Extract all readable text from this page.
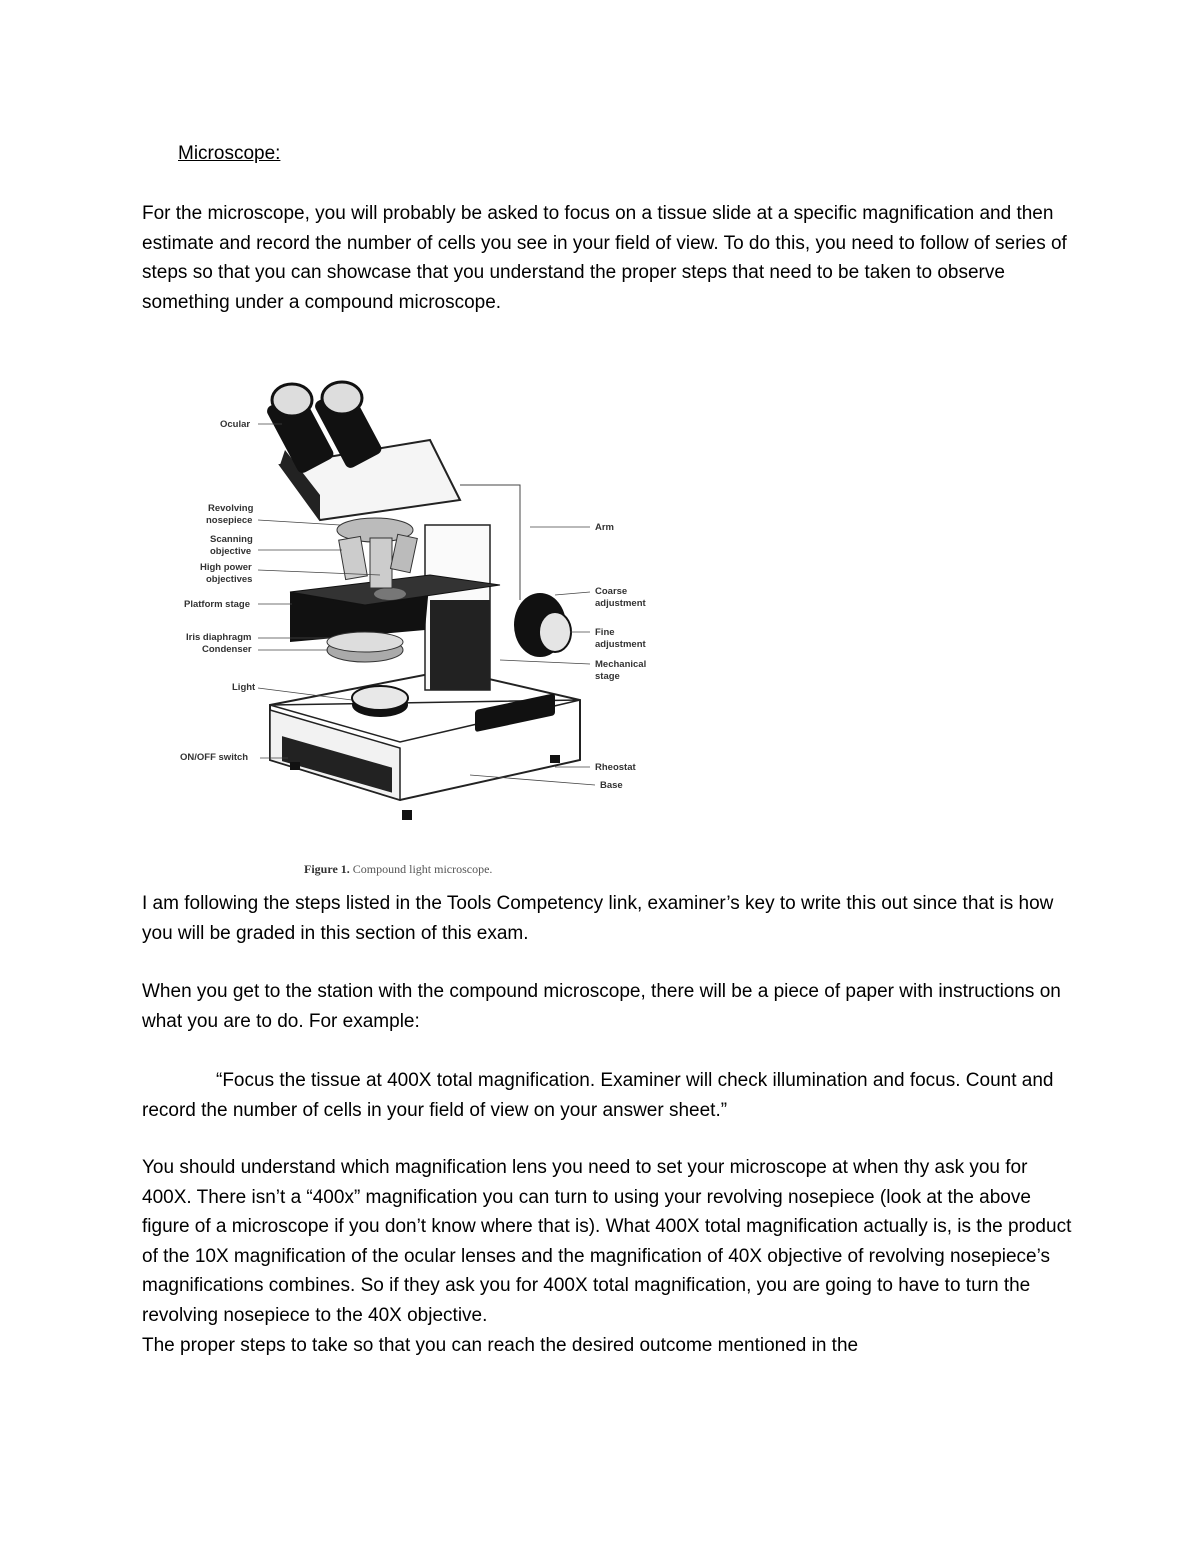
Microscope:

For the microscope, you will probably be asked to focus on a tissue slide at a specific magnification and then estimate and record the number of cells you see in your field of view. To do this, you need to follow of series of steps so that you can showcase that you understand the proper steps that need to be taken to observe something under a compound microscope.

Ocular
Revolving
nosepiece
Scanning
objective
High power
objectives
Platform stage
Iris diaphragm
Condenser
Light
ON/OFF switch
Arm
Coarse
adjustment
Fine
adjustment
Mechanical
stage
Rheostat
Base
Figure 1. Compound light microscope.

I am following the steps listed in the Tools Competency link, examiner’s key to write this out since that is how you will be graded in this section of this exam.

When you get to the station with the compound microscope, there will be a piece of paper with instructions on what you are to do. For example:

“Focus the tissue at 400X total magnification. Examiner will check illumination and focus. Count and record the number of cells in your field of view on your answer sheet.”

You should understand which magnification lens you need to set your microscope at when thy ask you for 400X. There isn’t a “400x” magnification you can turn to using your revolving nosepiece (look at the above figure of a microscope if you don’t know where that is). What 400X total magnification actually is, is the product of the 10X magnification of the ocular lenses and the magnification of 40X objective of revolving nosepiece’s magnifications combines. So if they ask you for 400X total magnification, you are going to have to turn the revolving nosepiece to the 40X objective.

The proper steps to take so that you can reach the desired outcome mentioned in the
